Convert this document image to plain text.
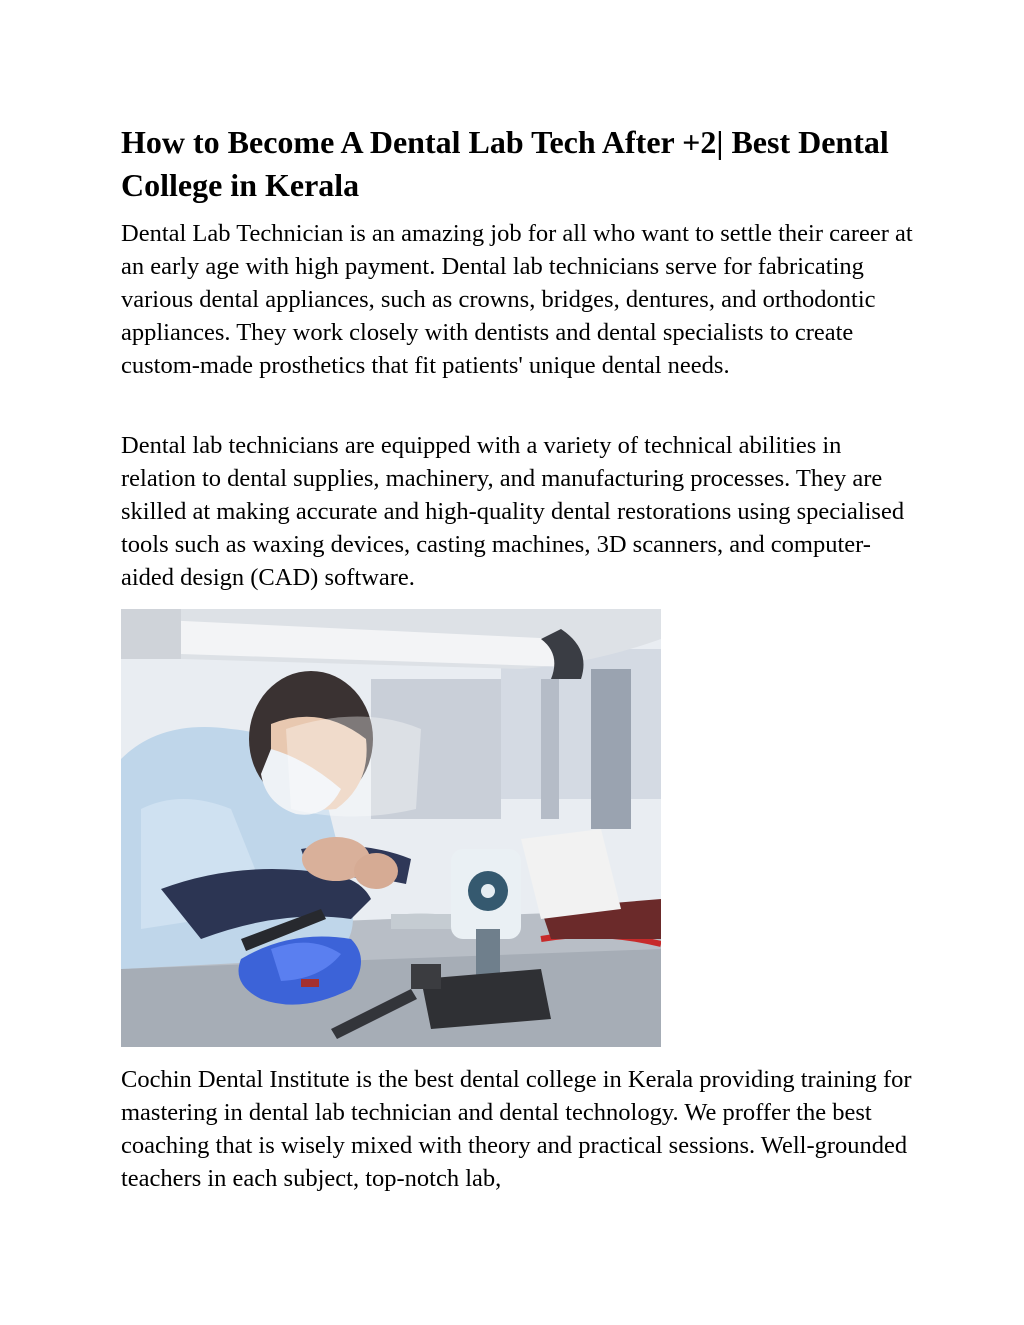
How to Become A Dental Lab Tech After +2| Best Dental College in Kerala

Dental Lab Technician is an amazing job for all who want to settle their career at an early age with high payment. Dental lab technicians serve for fabricating various dental appliances, such as crowns, bridges, dentures, and orthodontic appliances. They work closely with dentists and dental specialists to create custom-made prosthetics that fit patients' unique dental needs.

Dental lab technicians are equipped with a variety of technical abilities in relation to dental supplies, machinery, and manufacturing processes. They are skilled at making accurate and high-quality dental restorations using specialised tools such as waxing devices, casting machines, 3D scanners, and computer-aided design (CAD) software.

Cochin Dental Institute is the best dental college in Kerala providing training for mastering in dental lab technician and dental technology. We proffer the best coaching that is wisely mixed with theory and practical sessions. Well-grounded teachers in each subject, top-notch lab,
